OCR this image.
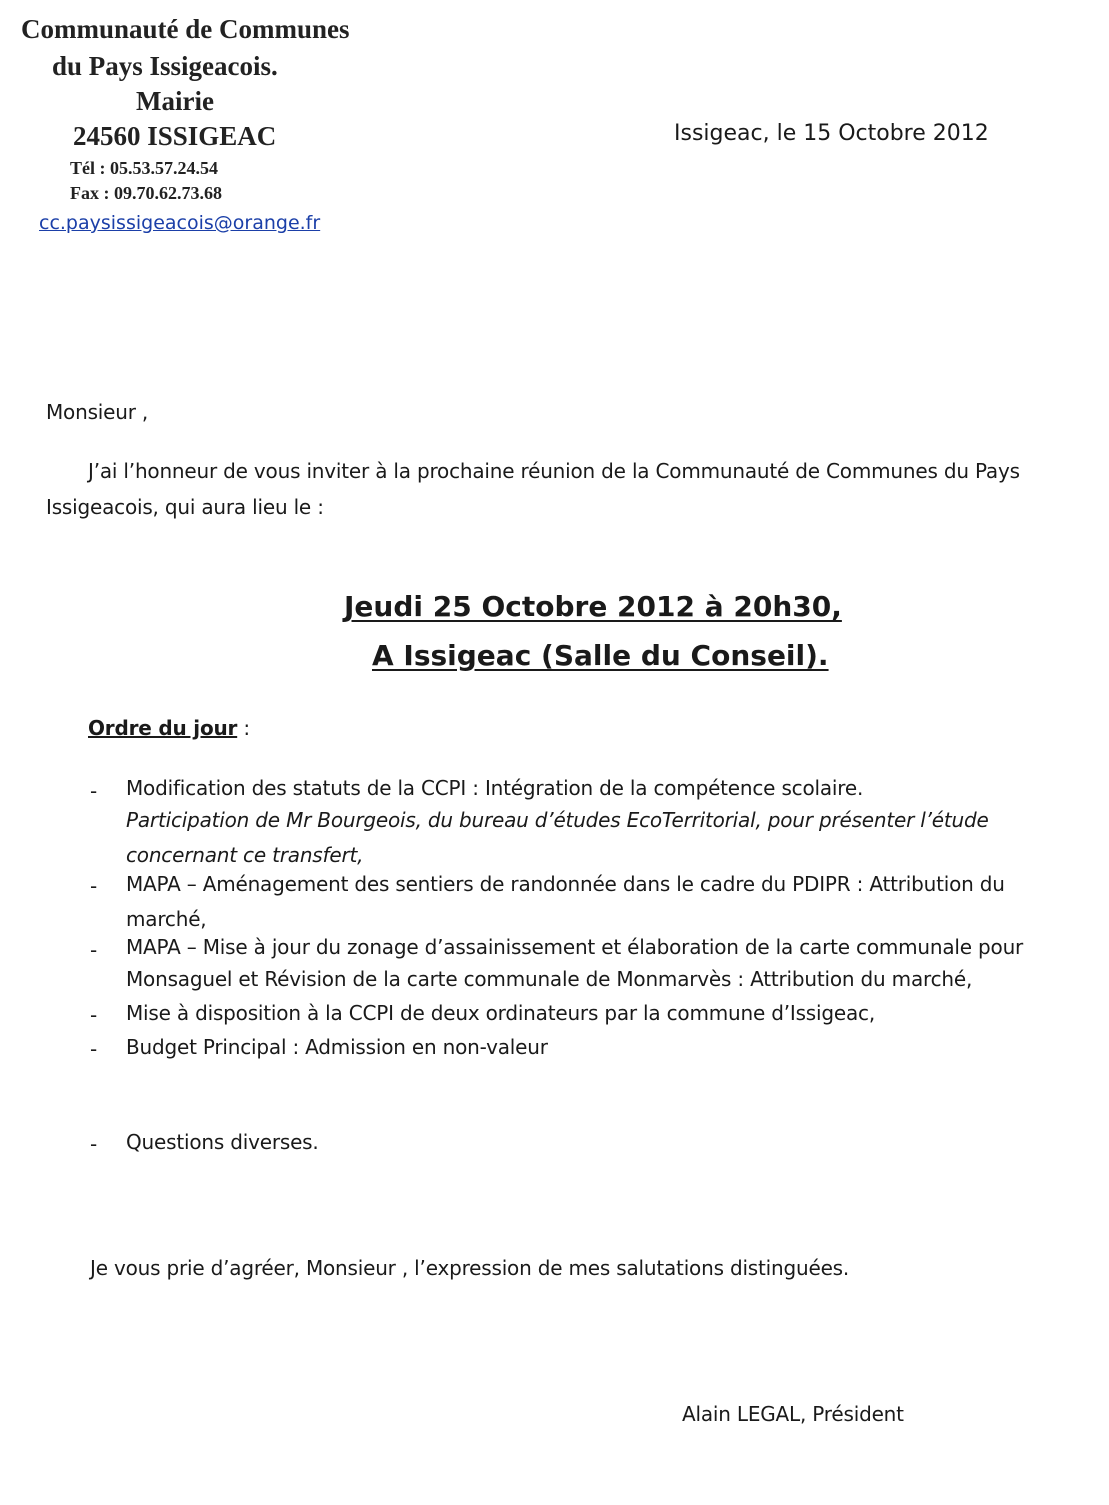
Communauté de Communes
du Pays Issigeacois.
Mairie
24560 ISSIGEAC
Tél : 05.53.57.24.54
Fax : 09.70.62.73.68
cc.paysissigeacois@orange.fr
Issigeac, le 15 Octobre 2012
Monsieur ,
J’ai l’honneur de vous inviter à la prochaine réunion de la Communauté de Communes du Pays
Issigeacois, qui aura lieu le :
Jeudi 25 Octobre 2012 à 20h30,
A Issigeac (Salle du Conseil).
Ordre du jour :
- Modification des statuts de la CCPI : Intégration de la compétence scolaire.
Participation de Mr Bourgeois, du bureau d’études EcoTerritorial, pour présenter l’étude
concernant ce transfert,
- MAPA – Aménagement des sentiers de randonnée dans le cadre du PDIPR : Attribution du
marché,
- MAPA – Mise à jour du zonage d’assainissement et élaboration de la carte communale pour
Monsaguel et Révision de la carte communale de Monmarvès : Attribution du marché,
- Mise à disposition à la CCPI de deux ordinateurs par la commune d’Issigeac,
- Budget Principal : Admission en non-valeur
- Questions diverses.
Je vous prie d’agréer, Monsieur , l’expression de mes salutations distinguées.
Alain LEGAL, Président
